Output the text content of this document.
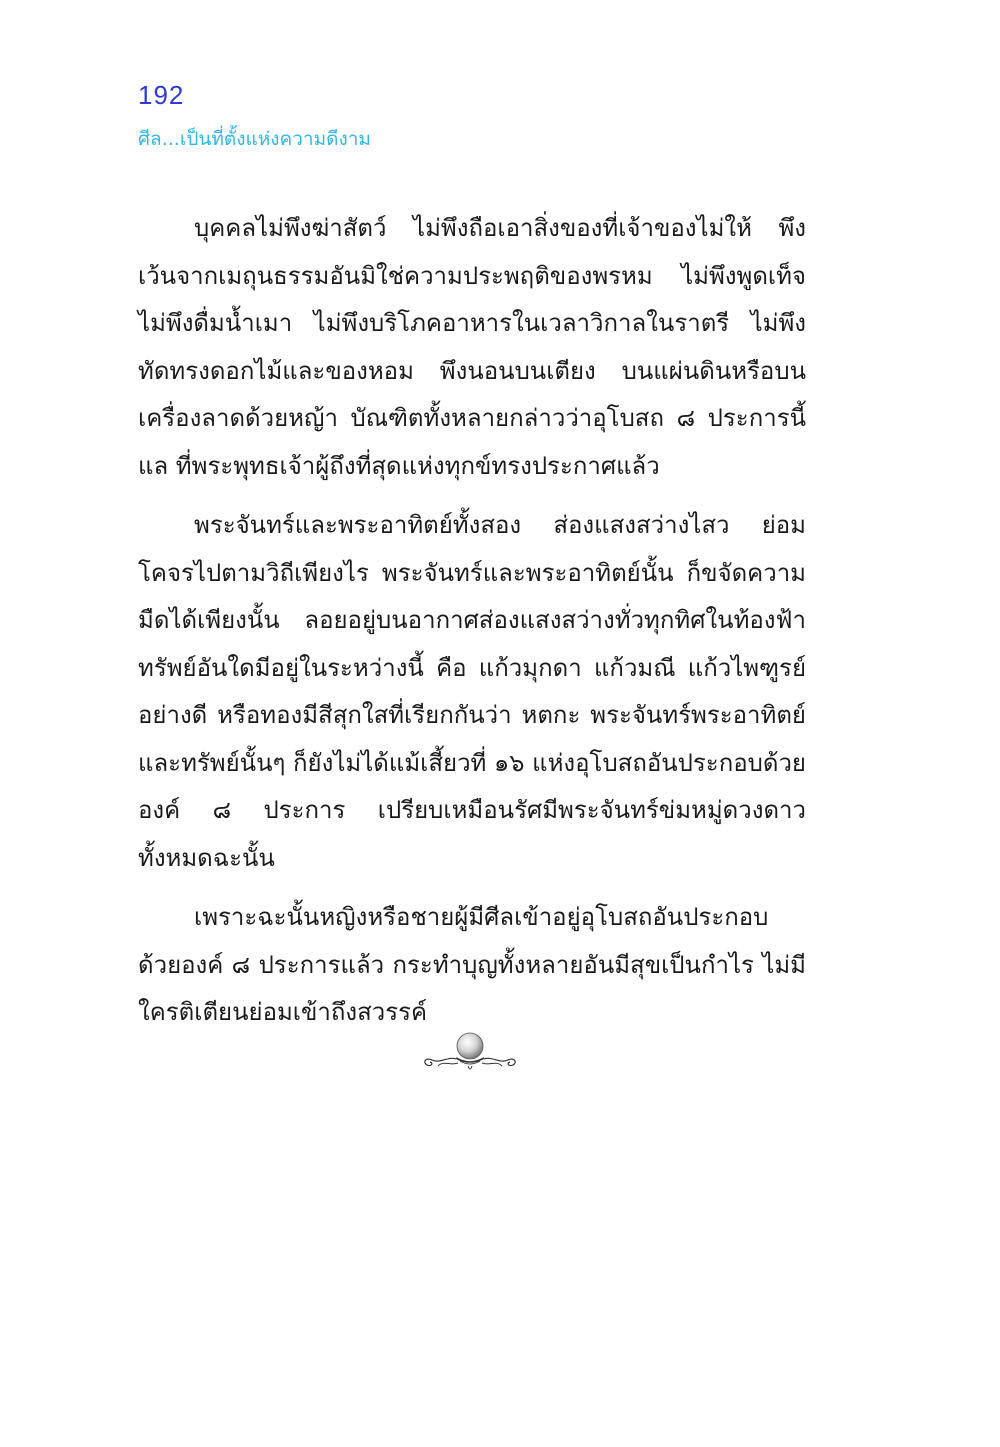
192
ศีล...เป็นที่ตั้งแห่งความดีงาม

บุคคลไม่พึงฆ่าสัตว์ ไม่พึงถือเอาสิ่งของที่เจ้าของไม่ให้ พึงเว้นจากเมถุนธรรมอันมิใช่ความประพฤติของพรหม ไม่พึงพูดเท็จ ไม่พึงดื่มน้ำเมา ไม่พึงบริโภคอาหารในเวลาวิกาลในราตรี ไม่พึงทัดทรงดอกไม้และของหอม พึงนอนบนเตียง บนแผ่นดินหรือบนเครื่องลาดด้วยหญ้า บัณฑิตทั้งหลายกล่าวว่าอุโบสถ ๘ ประการนี้แล ที่พระพุทธเจ้าผู้ถึงที่สุดแห่งทุกข์ทรงประกาศแล้ว

พระจันทร์และพระอาทิตย์ทั้งสอง ส่องแสงสว่างไสว ย่อมโคจรไปตามวิถีเพียงไร พระจันทร์และพระอาทิตย์นั้น ก็ขจัดความมืดได้เพียงนั้น ลอยอยู่บนอากาศส่องแสงสว่างทั่วทุกทิศในท้องฟ้า ทรัพย์อันใดมีอยู่ในระหว่างนี้ คือ แก้วมุกดา แก้วมณี แก้วไพฑูรย์อย่างดี หรือทองมีสีสุกใสที่เรียกกันว่า หตกะ พระจันทร์พระอาทิตย์และทรัพย์นั้นๆ ก็ยังไม่ได้แม้เสี้ยวที่ ๑๖ แห่งอุโบสถอันประกอบด้วยองค์ ๘ ประการ เปรียบเหมือนรัศมีพระจันทร์ข่มหมู่ดวงดาวทั้งหมดฉะนั้น

เพราะฉะนั้นหญิงหรือชายผู้มีศีลเข้าอยู่อุโบสถอันประกอบด้วยองค์ ๘ ประการแล้ว กระทำบุญทั้งหลายอันมีสุขเป็นกำไร ไม่มีใครติเตียนย่อมเข้าถึงสวรรค์
